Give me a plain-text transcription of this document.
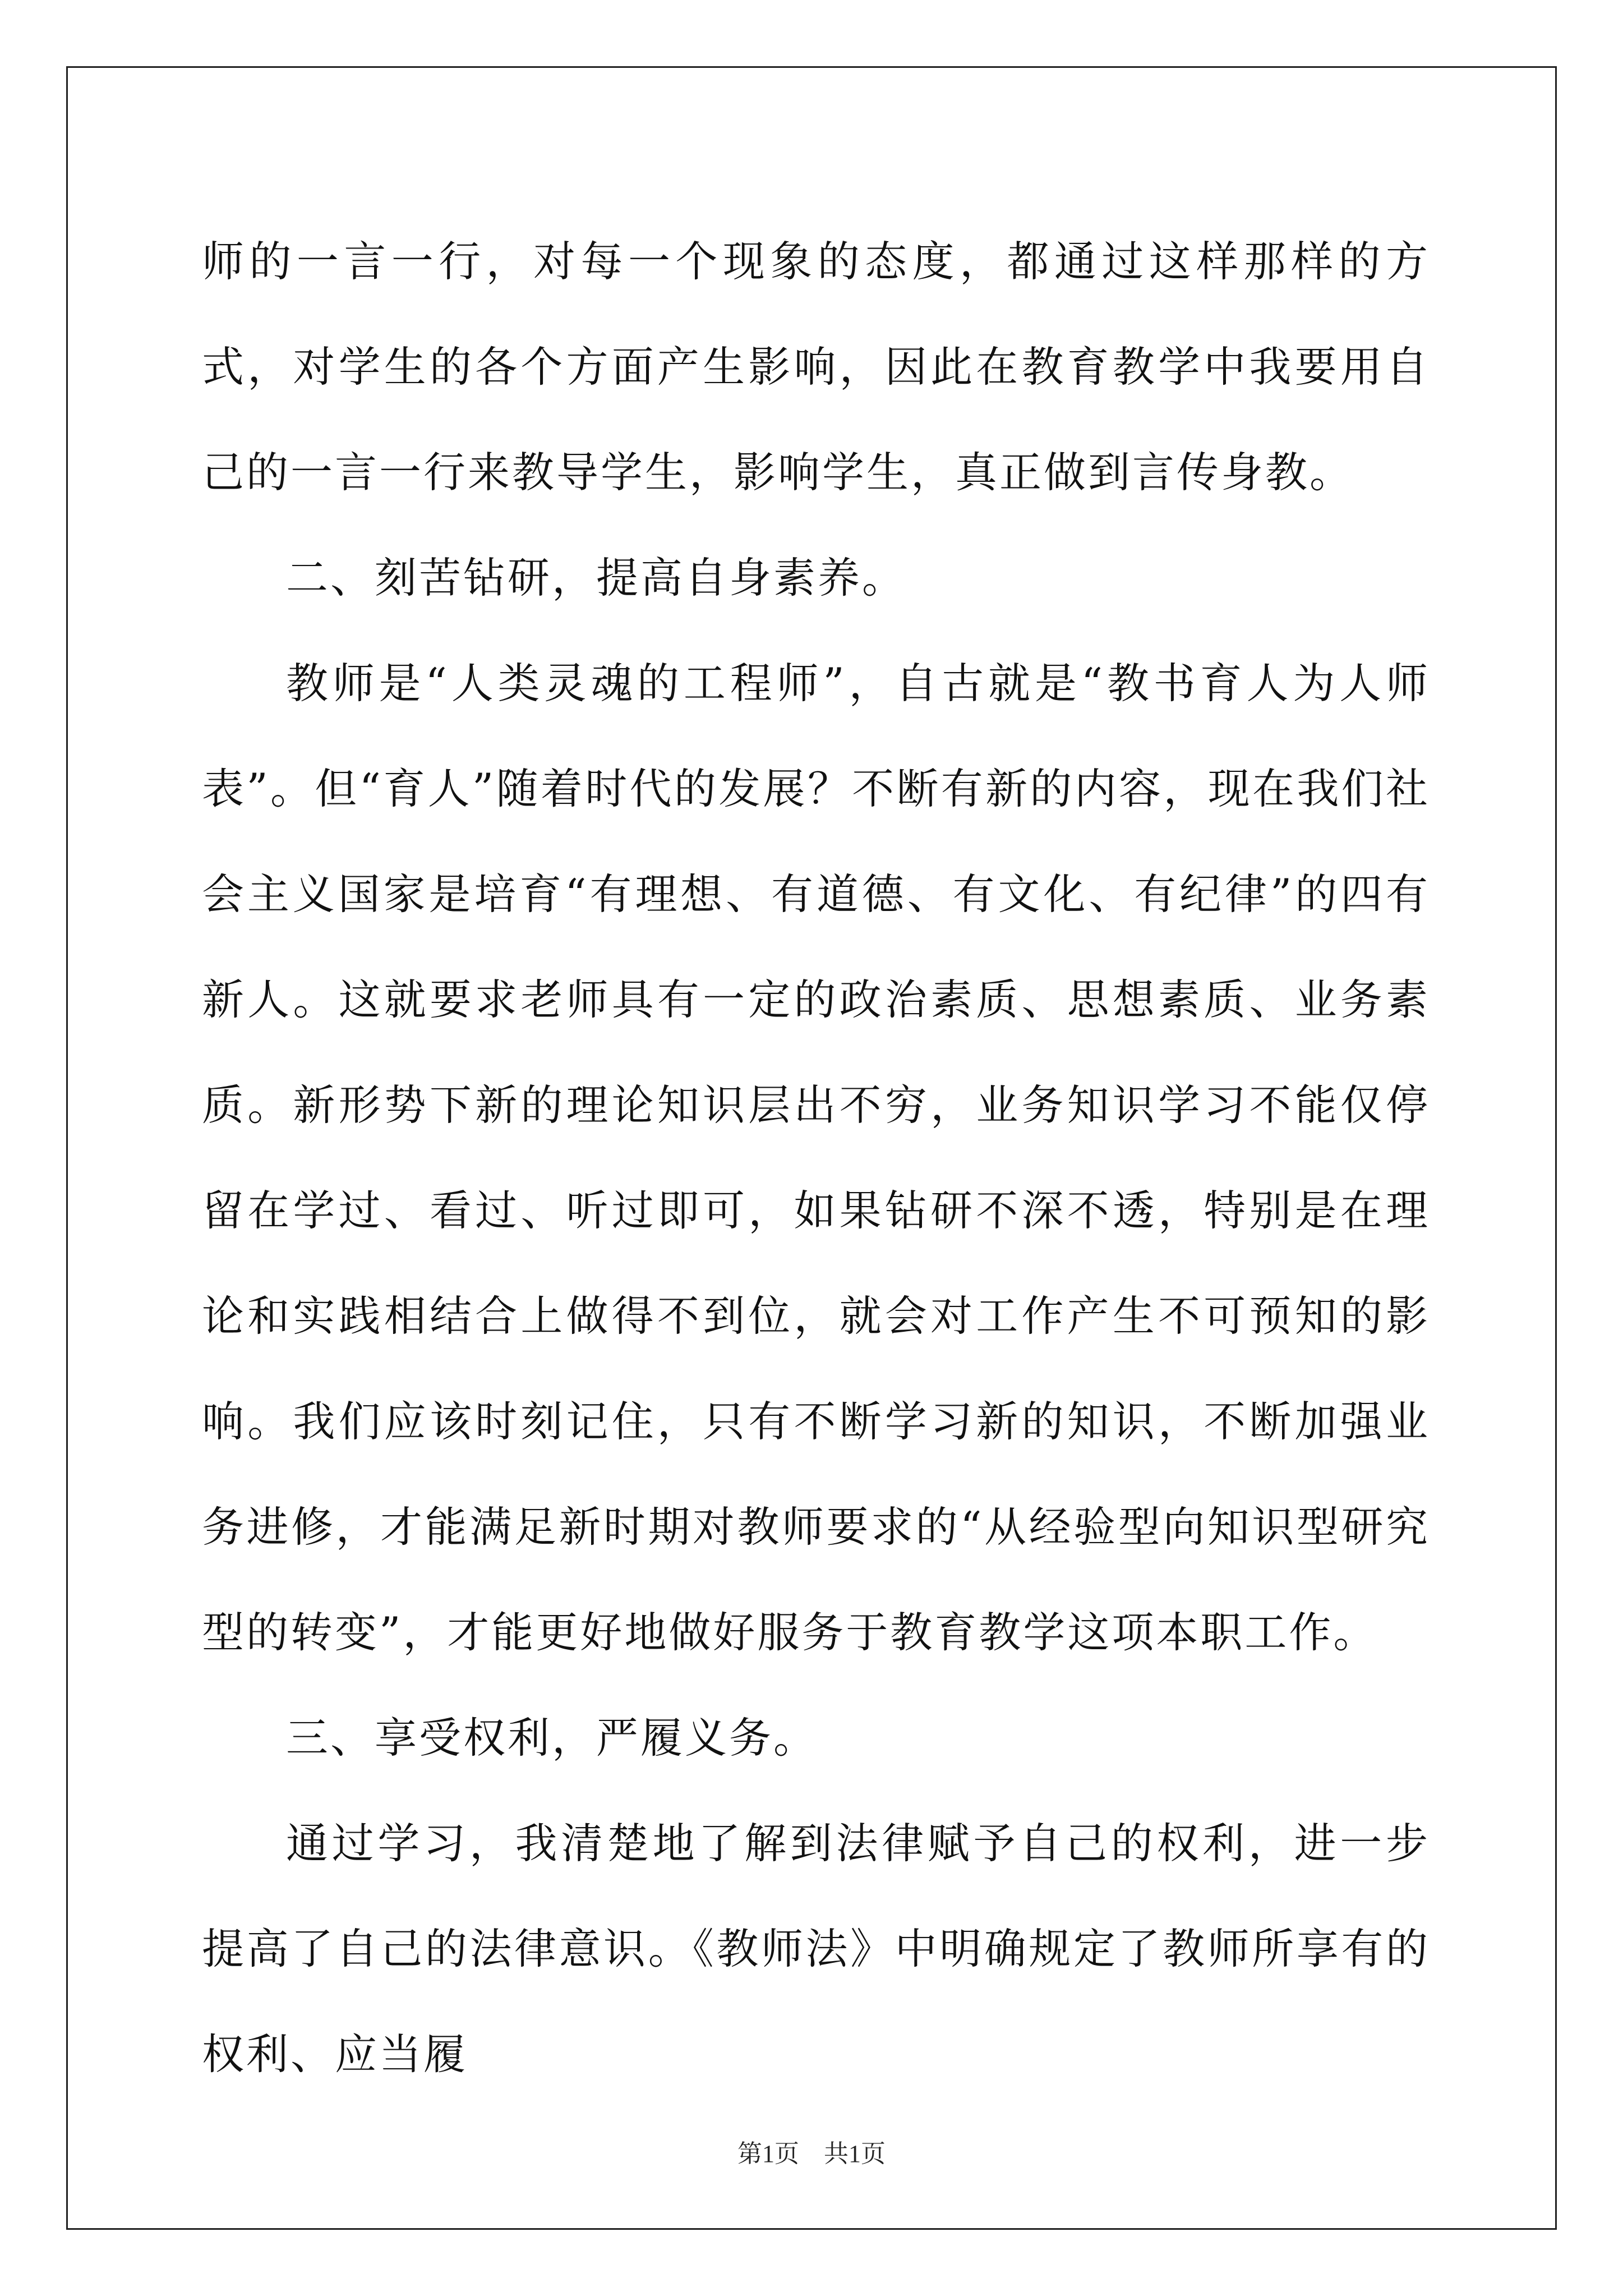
师的一言一行，对每一个现象的态度，都通过这样那样的方式，对学生的各个方面产生影响，因此在教育教学中我要用自己的一言一行来教导学生，影响学生，真正做到言传身教。

二、刻苦钻研，提高自身素养。

教师是“人类灵魂的工程师”，自古就是“教书育人为人师表”。但“育人”随着时代的发展？不断有新的内容，现在我们社会主义国家是培育“有理想、有道德、有文化、有纪律”的四有新人。这就要求老师具有一定的政治素质、思想素质、业务素质。新形势下新的理论知识层出不穷，业务知识学习不能仅停留在学过、看过、听过即可，如果钻研不深不透，特别是在理论和实践相结合上做得不到位，就会对工作产生不可预知的影响。我们应该时刻记住，只有不断学习新的知识，不断加强业务进修，才能满足新时期对教师要求的“从经验型向知识型研究型的转变”，才能更好地做好服务于教育教学这项本职工作。

三、享受权利，严履义务。

通过学习，我清楚地了解到法律赋予自己的权利，进一步提高了自己的法律意识。《教师法》中明确规定了教师所享有的权利、应当履

第1页　共1页
